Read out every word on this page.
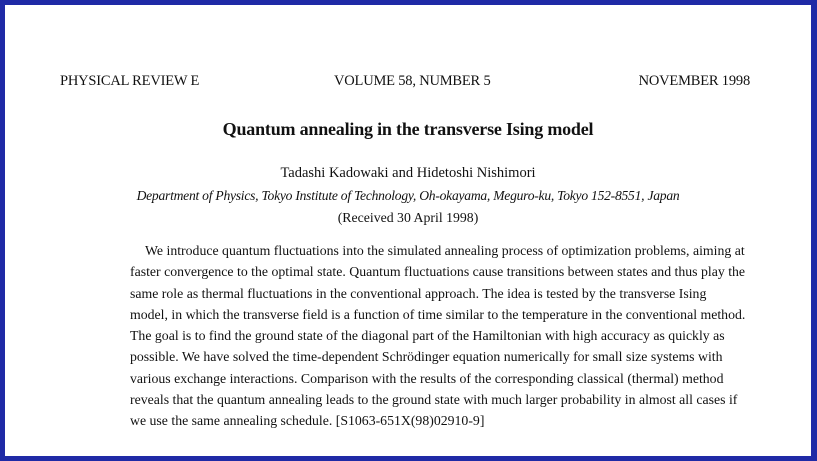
PHYSICAL REVIEW E	VOLUME 58, NUMBER 5	NOVEMBER 1998
Quantum annealing in the transverse Ising model
Tadashi Kadowaki and Hidetoshi Nishimori
Department of Physics, Tokyo Institute of Technology, Oh-okayama, Meguro-ku, Tokyo 152-8551, Japan
(Received 30 April 1998)
We introduce quantum fluctuations into the simulated annealing process of optimization problems, aiming at
faster convergence to the optimal state. Quantum fluctuations cause transitions between states and thus play the
same role as thermal fluctuations in the conventional approach. The idea is tested by the transverse Ising
model, in which the transverse field is a function of time similar to the temperature in the conventional method.
The goal is to find the ground state of the diagonal part of the Hamiltonian with high accuracy as quickly as
possible. We have solved the time-dependent Schrödinger equation numerically for small size systems with
various exchange interactions. Comparison with the results of the corresponding classical (thermal) method
reveals that the quantum annealing leads to the ground state with much larger probability in almost all cases if
we use the same annealing schedule. [S1063-651X(98)02910-9]
